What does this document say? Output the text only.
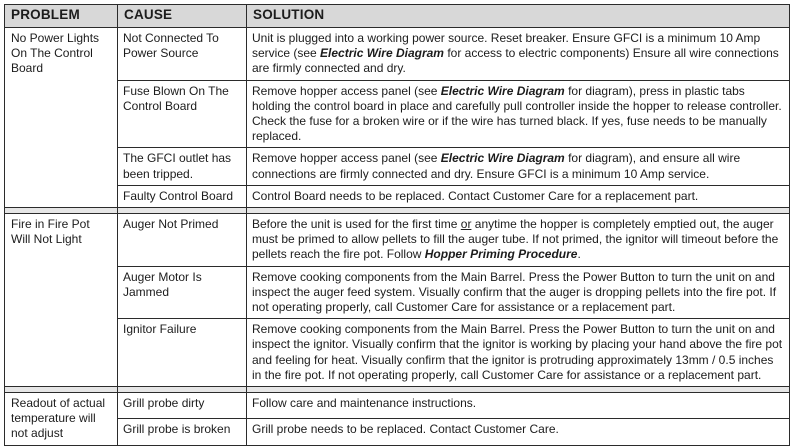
PROBLEM	CAUSE	SOLUTION
No Power Lights On The Control Board	Not Connected To Power Source	Unit is plugged into a working power source. Reset breaker. Ensure GFCI is a minimum 10 Amp service (see Electric Wire Diagram for access to electric components) Ensure all wire connections are firmly connected and dry.
	Fuse Blown On The Control Board	Remove hopper access panel (see Electric Wire Diagram for diagram), press in plastic tabs holding the control board in place and carefully pull controller inside the hopper to release controller. Check the fuse for a broken wire or if the wire has turned black. If yes, fuse needs to be manually replaced.
	The GFCI outlet has been tripped.	Remove hopper access panel (see Electric Wire Diagram for diagram), and ensure all wire connections are firmly connected and dry. Ensure GFCI is a minimum 10 Amp service.
	Faulty Control Board	Control Board needs to be replaced. Contact Customer Care for a replacement part.

Fire in Fire Pot Will Not Light	Auger Not Primed	Before the unit is used for the first time or anytime the hopper is completely emptied out, the auger must be primed to allow pellets to fill the auger tube. If not primed, the ignitor will timeout before the pellets reach the fire pot. Follow Hopper Priming Procedure.
	Auger Motor Is Jammed	Remove cooking components from the Main Barrel. Press the Power Button to turn the unit on and inspect the auger feed system. Visually confirm that the auger is dropping pellets into the fire pot. If not operating properly, call Customer Care for assistance or a replacement part.
	Ignitor Failure	Remove cooking components from the Main Barrel. Press the Power Button to turn the unit on and inspect the ignitor. Visually confirm that the ignitor is working by placing your hand above the fire pot and feeling for heat. Visually confirm that the ignitor is protruding approximately 13mm / 0.5 inches in the fire pot. If not operating properly, call Customer Care for assistance or a replacement part.

Readout of actual temperature will not adjust	Grill probe dirty	Follow care and maintenance instructions.
	Grill probe is broken	Grill probe needs to be replaced. Contact Customer Care.
